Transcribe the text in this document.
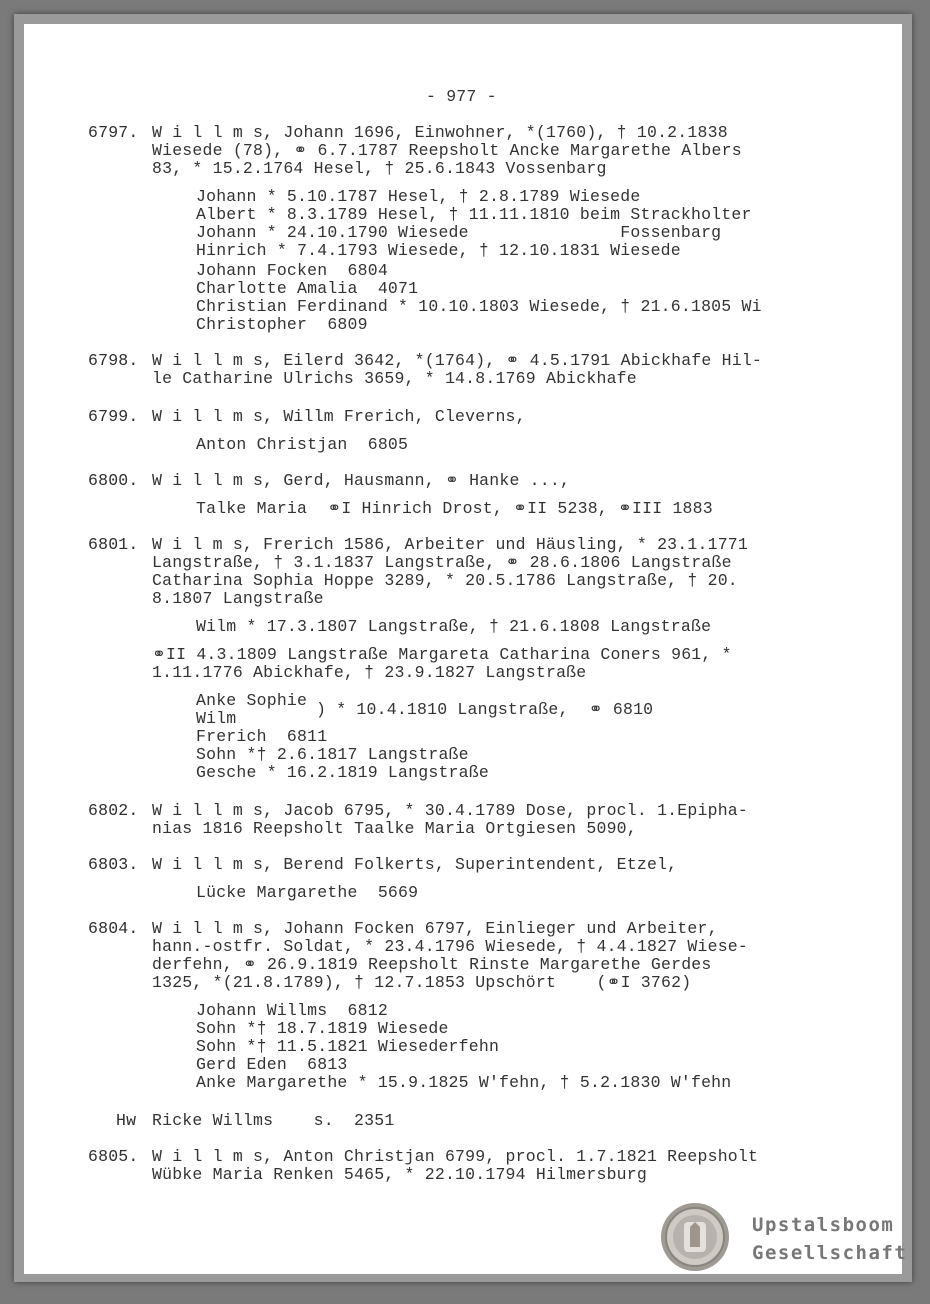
- 977 -
6797. W i l l m s, Johann 1696, Einwohner, *(1760), † 10.2.1838
Wiesede (78), ⚭ 6.7.1787 Reepsholt Ancke Margarethe Albers
83, * 15.2.1764 Hesel, † 25.6.1843 Vossenbarg
Johann * 5.10.1787 Hesel, † 2.8.1789 Wiesede
Albert * 8.3.1789 Hesel, † 11.11.1810 beim Strackholter
Johann * 24.10.1790 Wiesede               Fossenbarg
Hinrich * 7.4.1793 Wiesede, † 12.10.1831 Wiesede
Johann Focken  6804
Charlotte Amalia  4071
Christian Ferdinand * 10.10.1803 Wiesede, † 21.6.1805 Wi
Christopher  6809
6798. W i l l m s, Eilerd 3642, *(1764), ⚭ 4.5.1791 Abickhafe Hil-
le Catharine Ulrichs 3659, * 14.8.1769 Abickhafe
6799. W i l l m s, Willm Frerich, Cleverns,
Anton Christjan  6805
6800. W i l l m s, Gerd, Hausmann, ⚭ Hanke ...,
Talke Maria  ⚭I Hinrich Drost, ⚭II 5238, ⚭III 1883
6801. W i l m s, Frerich 1586, Arbeiter und Häusling, * 23.1.1771
Langstraße, † 3.1.1837 Langstraße, ⚭ 28.6.1806 Langstraße
Catharina Sophia Hoppe 3289, * 20.5.1786 Langstraße, † 20.
8.1807 Langstraße
Wilm * 17.3.1807 Langstraße, † 21.6.1808 Langstraße
⚭II 4.3.1809 Langstraße Margareta Catharina Coners 961, *
1.11.1776 Abickhafe, † 23.9.1827 Langstraße
Anke Sophie
Wilm	) * 10.4.1810 Langstraße,  ⚭ 6810
Frerich  6811
Sohn *† 2.6.1817 Langstraße
Gesche * 16.2.1819 Langstraße
6802. W i l l m s, Jacob 6795, * 30.4.1789 Dose, procl. 1.Epipha-
nias 1816 Reepsholt Taalke Maria Ortgiesen 5090,
6803. W i l l m s, Berend Folkerts, Superintendent, Etzel,
Lücke Margarethe  5669
6804. W i l l m s, Johann Focken 6797, Einlieger und Arbeiter,
hann.-ostfr. Soldat, * 23.4.1796 Wiesede, † 4.4.1827 Wiese-
derfehn, ⚭ 26.9.1819 Reepsholt Rinste Margarethe Gerdes
1325, *(21.8.1789), † 12.7.1853 Upschört    (⚭I 3762)
Johann Willms  6812
Sohn *† 18.7.1819 Wiesede
Sohn *† 11.5.1821 Wiesederfehn
Gerd Eden  6813
Anke Margarethe * 15.9.1825 W'fehn, † 5.2.1830 W'fehn
Hw Ricke Willms    s.  2351
6805. W i l l m s, Anton Christjan 6799, procl. 1.7.1821 Reepsholt
Wübke Maria Renken 5465, * 22.10.1794 Hilmersburg
Upstalsboom
Gesellschaft
